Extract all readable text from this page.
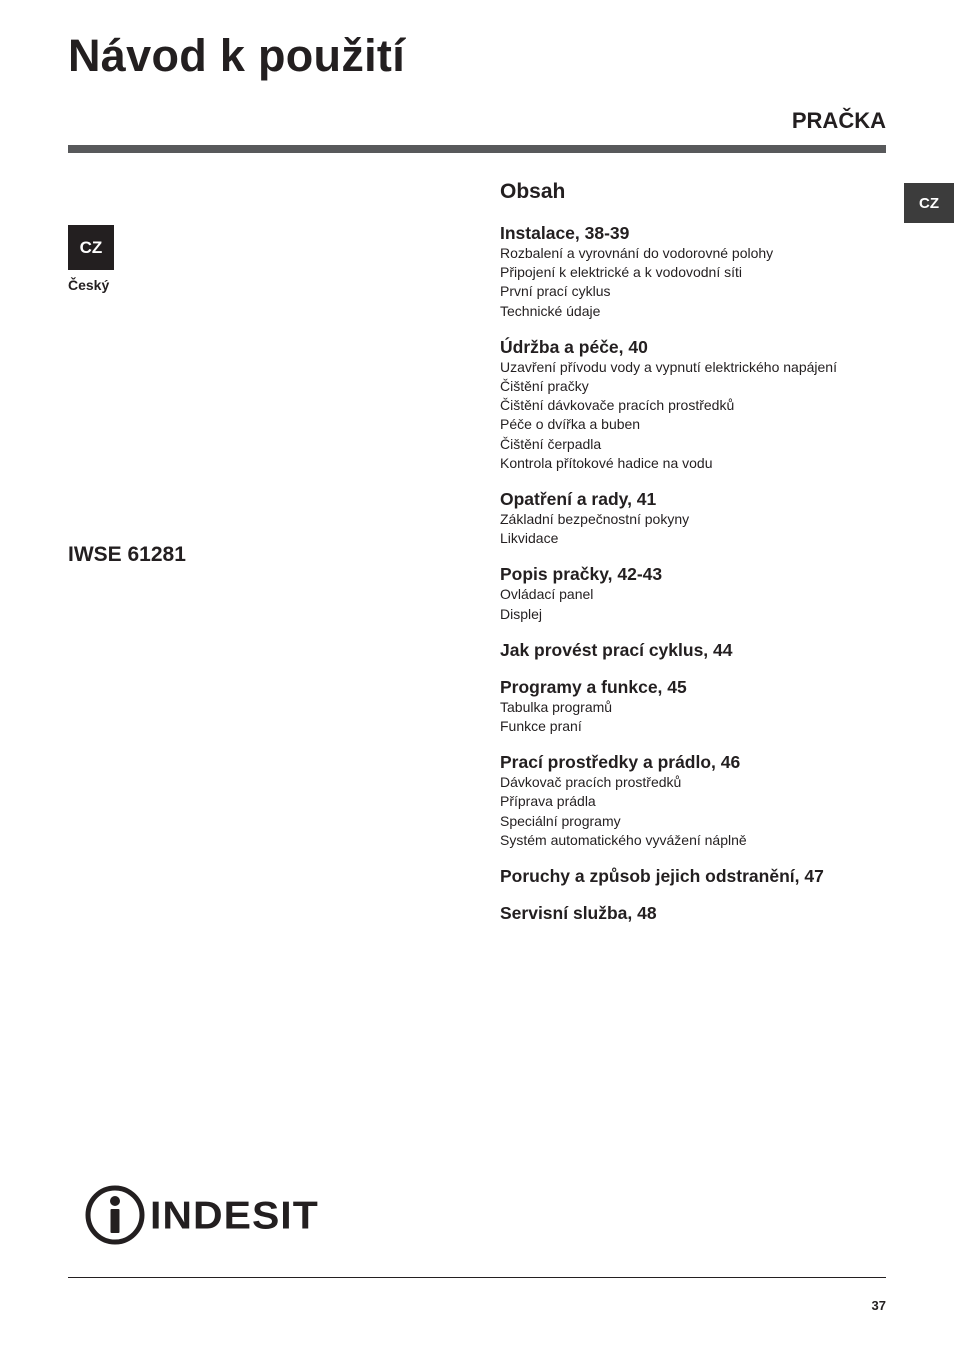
Návod k použití
PRAČKA
CZ
CZ
Český
IWSE 61281
Obsah
Instalace, 38-39
Rozbalení a vyrovnání do vodorovné polohy
Připojení k elektrické a k vodovodní síti
První prací cyklus
Technické údaje
Údržba a péče, 40
Uzavření přívodu vody a vypnutí elektrického napájení
Čištění pračky
Čištění dávkovače pracích prostředků
Péče o dvířka a buben
Čištění čerpadla
Kontrola přítokové hadice na vodu
Opatření a rady, 41
Základní bezpečnostní pokyny
Likvidace
Popis pračky, 42-43
Ovládací panel
Displej
Jak provést prací cyklus, 44
Programy a funkce, 45
Tabulka programů
Funkce praní
Prací prostředky a prádlo, 46
Dávkovač pracích prostředků
Příprava prádla
Speciální programy
Systém automatického vyvážení náplně
Poruchy a způsob jejich odstranění, 47
Servisní služba, 48
INDESIT
37
